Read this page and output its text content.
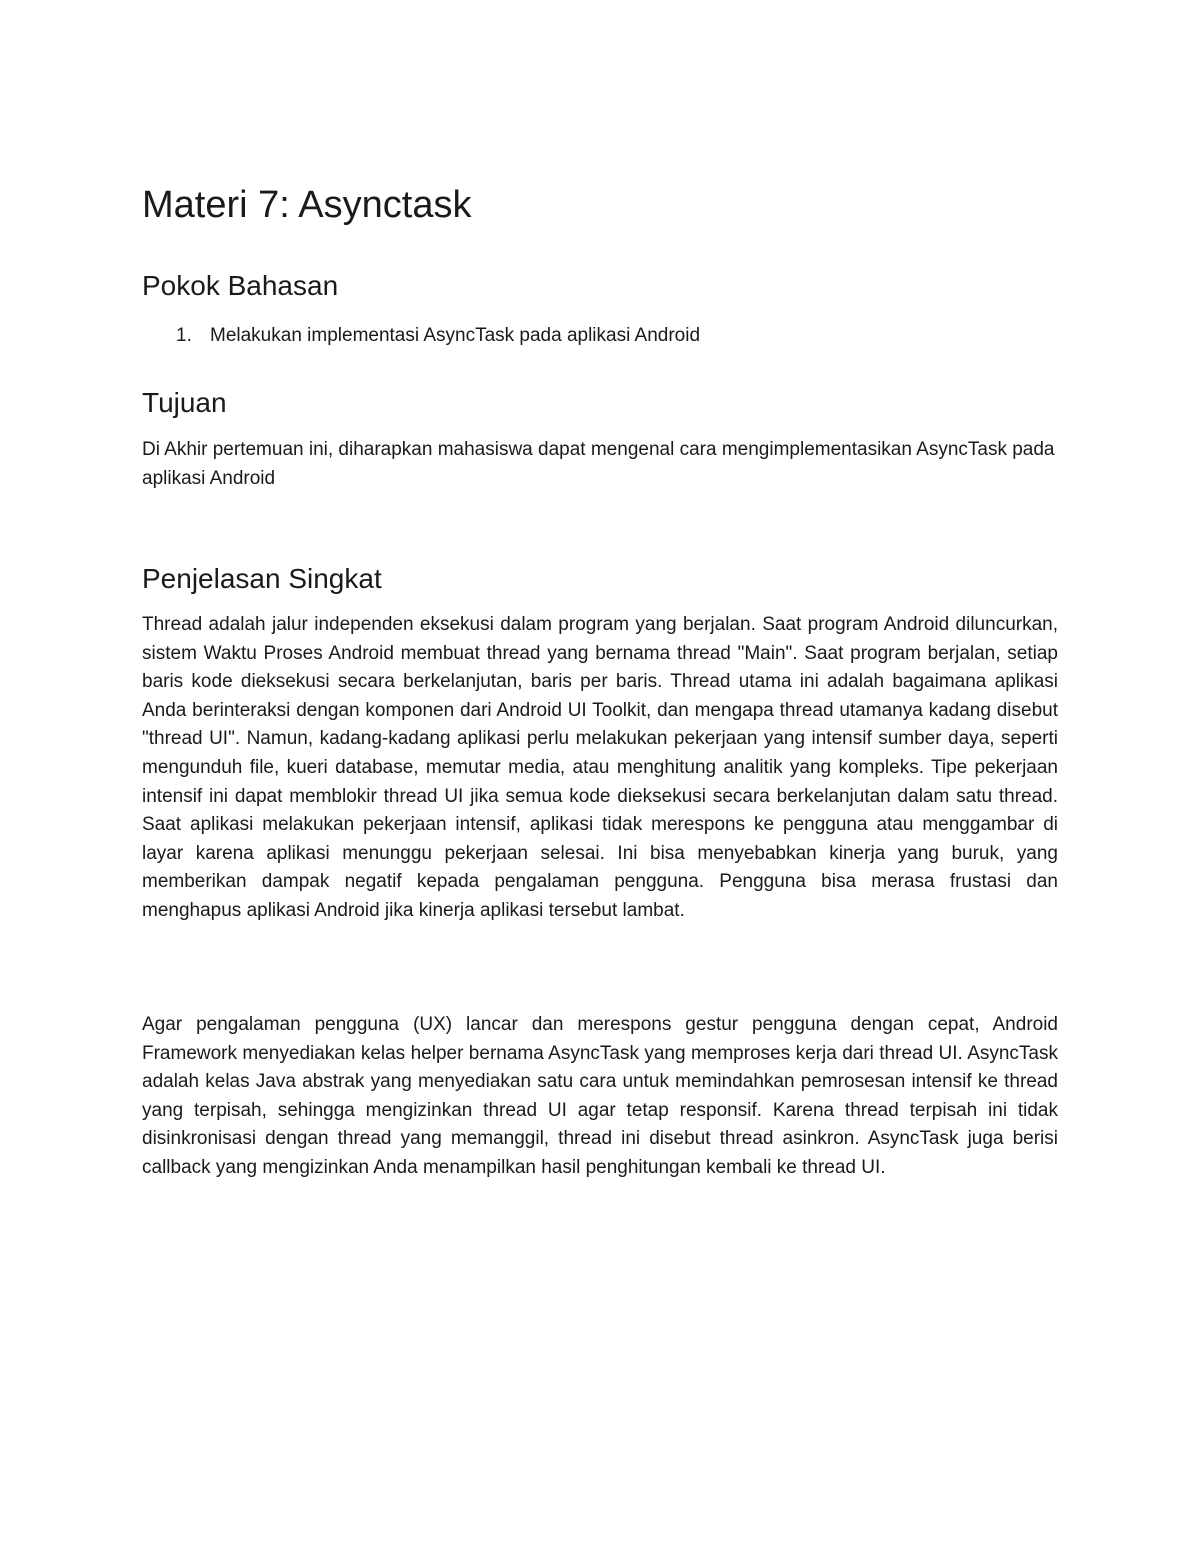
Materi 7: Asynctask
Pokok Bahasan
1. Melakukan implementasi AsyncTask pada aplikasi Android
Tujuan

Di Akhir pertemuan ini, diharapkan mahasiswa dapat mengenal cara mengimplementasikan AsyncTask pada aplikasi Android

Penjelasan Singkat

Thread adalah jalur independen eksekusi dalam program yang berjalan. Saat program Android diluncurkan, sistem Waktu Proses Android membuat thread yang bernama thread "Main". Saat program berjalan, setiap baris kode dieksekusi secara berkelanjutan, baris per baris. Thread utama ini adalah bagaimana aplikasi Anda berinteraksi dengan komponen dari Android UI Toolkit, dan mengapa thread utamanya kadang disebut "thread UI". Namun, kadang-kadang aplikasi perlu melakukan pekerjaan yang intensif sumber daya, seperti mengunduh file, kueri database, memutar media, atau menghitung analitik yang kompleks. Tipe pekerjaan intensif ini dapat memblokir thread UI jika semua kode dieksekusi secara berkelanjutan dalam satu thread. Saat aplikasi melakukan pekerjaan intensif, aplikasi tidak merespons ke pengguna atau menggambar di layar karena aplikasi menunggu pekerjaan selesai. Ini bisa menyebabkan kinerja yang buruk, yang memberikan dampak negatif kepada pengalaman pengguna. Pengguna bisa merasa frustasi dan menghapus aplikasi Android jika kinerja aplikasi tersebut lambat.

Agar pengalaman pengguna (UX) lancar dan merespons gestur pengguna dengan cepat, Android Framework menyediakan kelas helper bernama AsyncTask yang memproses kerja dari thread UI. AsyncTask adalah kelas Java abstrak yang menyediakan satu cara untuk memindahkan pemrosesan intensif ke thread yang terpisah, sehingga mengizinkan thread UI agar tetap responsif. Karena thread terpisah ini tidak disinkronisasi dengan thread yang memanggil, thread ini disebut thread asinkron. AsyncTask juga berisi callback yang mengizinkan Anda menampilkan hasil penghitungan kembali ke thread UI.
